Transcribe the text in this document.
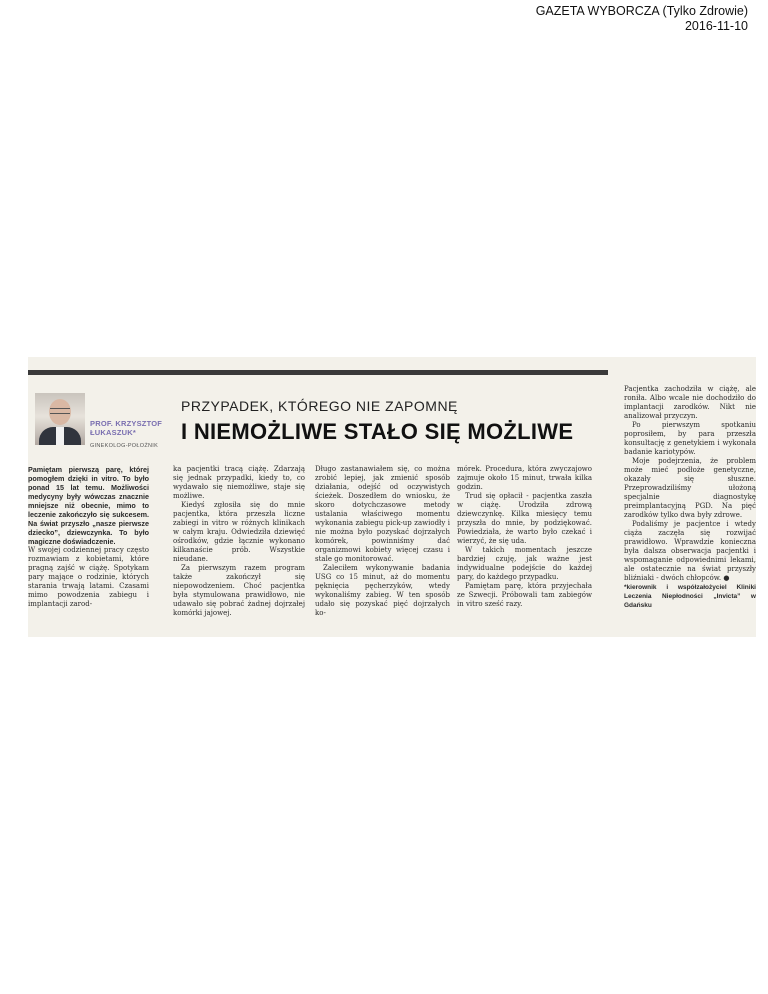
GAZETA WYBORCZA (Tylko Zdrowie)
2016-11-10
PROF. KRZYSZTOF
ŁUKASZUK*
GINEKOLOG-POŁOŻNIK
PRZYPADEK, KTÓREGO NIE ZAPOMNĘ
I NIEMOŻLIWE STAŁO SIĘ MOŻLIWE

Pamiętam pierwszą parę, której pomogłem dzięki in vitro. To było ponad 15 lat temu. Możliwości medycyny były wówczas znacznie mniejsze niż obecnie, mimo to leczenie zakończyło się sukcesem. Na świat przyszło „nasze pierwsze dziecko”, dziewczynka. To było magiczne doświadczenie.

W swojej codziennej pracy często rozmawiam z kobietami, które pragną zajść w ciążę. Spotykam pary mające o rodzinie, których starania trwają latami. Czasami mimo powodzenia zabiegu i implantacji zarod-

ka pacjentki tracą ciążę. Zdarzają się jednak przypadki, kiedy to, co wydawało się niemożliwe, staje się możliwe.

Kiedyś zgłosiła się do mnie pacjentka, która przeszła liczne zabiegi in vitro w różnych klinikach w całym kraju. Odwiedziła dziewięć ośrodków, gdzie łącznie wykonano kilkanaście prób. Wszystkie nieudane.

Za pierwszym razem program także zakończył się niepowodzeniem. Choć pacjentka była stymulowana prawidłowo, nie udawało się pobrać żadnej dojrzałej komórki jajowej.

Długo zastanawiałem się, co można zrobić lepiej, jak zmienić sposób działania, odejść od oczywistych ścieżek. Doszedłem do wniosku, że skoro dotychczasowe metody ustalania właściwego momentu wykonania zabiegu pick-up zawiodły i nie można było pozyskać dojrzałych komórek, powinniśmy dać organizmowi kobiety więcej czasu i stale go monitorować.

Zaleciłem wykonywanie badania USG co 15 minut, aż do momentu pęknięcia pęcherzyków, wtedy wykonaliśmy zabieg. W ten sposób udało się pozyskać pięć dojrzałych ko-

mórek. Procedura, która zwyczajowo zajmuje około 15 minut, trwała kilka godzin.

Trud się opłacił - pacjentka zaszła w ciążę. Urodziła zdrową dziewczynkę. Kilka miesięcy temu przyszła do mnie, by podziękować. Powiedziała, że warto było czekać i wierzyć, że się uda.

W takich momentach jeszcze bardziej czuję, jak ważne jest indywidualne podejście do każdej pary, do każdego przypadku.

Pamiętam parę, która przyjechała ze Szwecji. Próbowali tam zabiegów in vitro sześć razy.

Pacjentka zachodziła w ciążę, ale roniła. Albo wcale nie dochodziło do implantacji zarodków. Nikt nie analizował przyczyn.

Po pierwszym spotkaniu poprosiłem, by para przeszła konsultację z genetykiem i wykonała badanie kariotypów.

Moje podejrzenia, że problem może mieć podłoże genetyczne, okazały się słuszne. Przeprowadziliśmy ułożoną specjalnie diagnostykę preimplantacyjną PGD. Na pięć zarodków tylko dwa były zdrowe.

Podaliśmy je pacjentce i wtedy ciąża zaczęła się rozwijać prawidłowo. Wprawdzie konieczna była dalsza obserwacja pacjentki i wspomaganie odpowiednimi lekami, ale ostatecznie na świat przyszły bliźniaki - dwóch chłopców. ●

*kierownik i współzałożyciel Kliniki Leczenia Niepłodności „Invicta” w Gdańsku
